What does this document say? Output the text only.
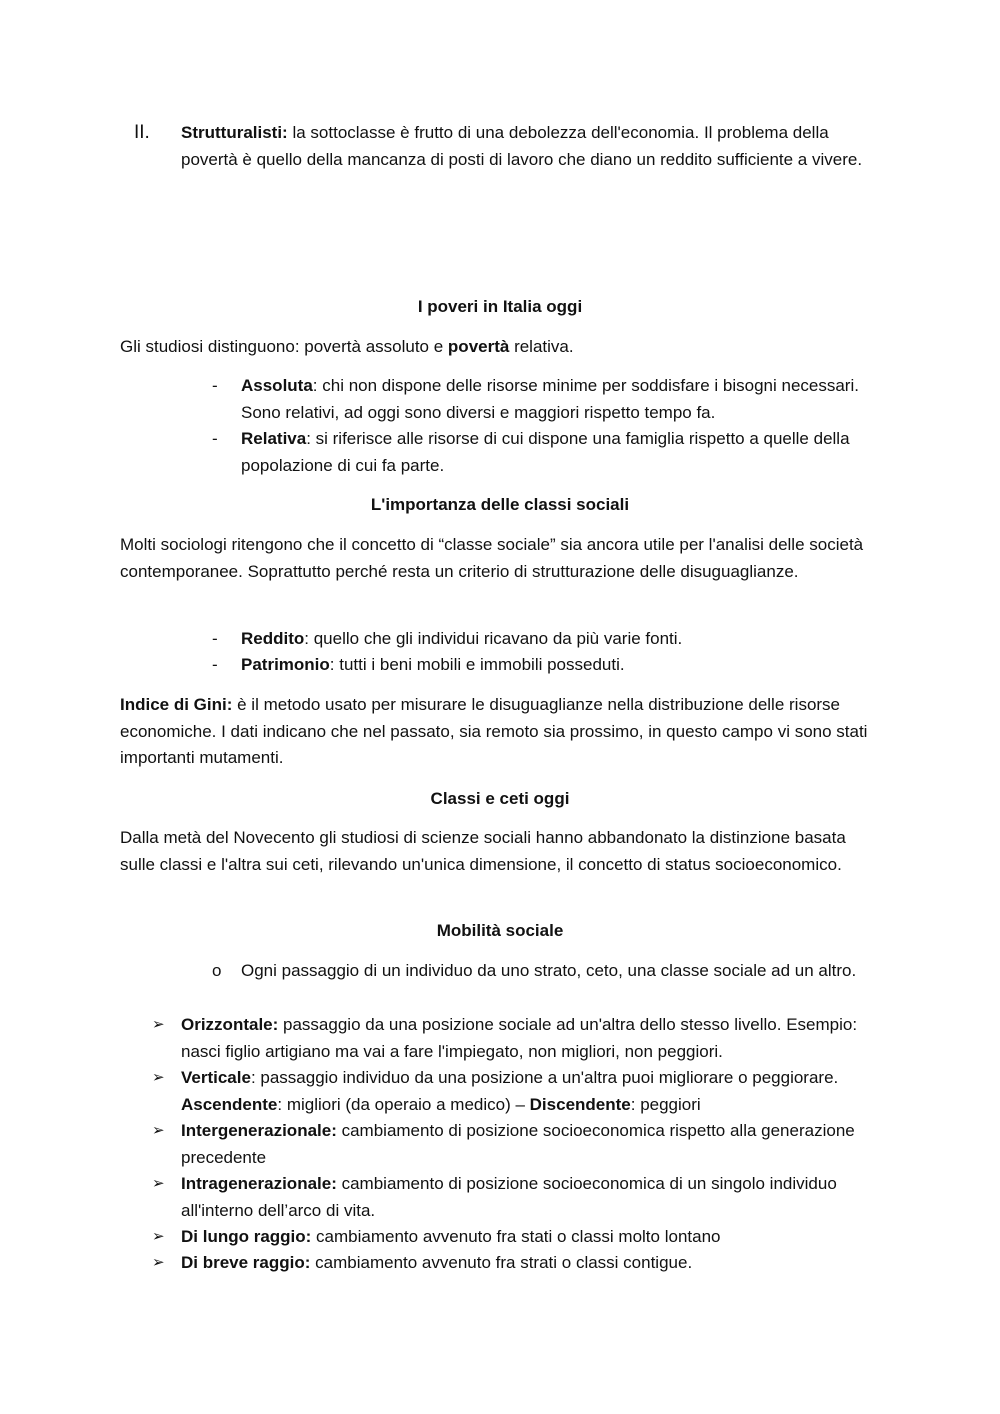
II. Strutturalisti: la sottoclasse è frutto di una debolezza dell'economia. Il problema della povertà è quello della mancanza di posti di lavoro che diano un reddito sufficiente a vivere.
I poveri in Italia oggi
Gli studiosi distinguono: povertà assoluto e povertà relativa.
- Assoluta: chi non dispone delle risorse minime per soddisfare i bisogni necessari. Sono relativi, ad oggi sono diversi e maggiori rispetto tempo fa.
- Relativa: si riferisce alle risorse di cui dispone una famiglia rispetto a quelle della popolazione di cui fa parte.
L'importanza delle classi sociali
Molti sociologi ritengono che il concetto di “classe sociale” sia ancora utile per l'analisi delle società contemporanee. Soprattutto perché resta un criterio di strutturazione delle disuguaglianze.
- Reddito: quello che gli individui ricavano da più varie fonti.
- Patrimonio: tutti i beni mobili e immobili posseduti.
Indice di Gini: è il metodo usato per misurare le disuguaglianze nella distribuzione delle risorse economiche. I dati indicano che nel passato, sia remoto sia prossimo, in questo campo vi sono stati importanti mutamenti.
Classi e ceti oggi
Dalla metà del Novecento gli studiosi di scienze sociali hanno abbandonato la distinzione basata sulle classi e l'altra sui ceti, rilevando un'unica dimensione, il concetto di status socioeconomico.
Mobilità sociale
o Ogni passaggio di un individuo da uno strato, ceto, una classe sociale ad un altro.
➢ Orizzontale: passaggio da una posizione sociale ad un'altra dello stesso livello. Esempio: nasci figlio artigiano ma vai a fare l'impiegato, non migliori, non peggiori.
➢ Verticale: passaggio individuo da una posizione a un'altra puoi migliorare o peggiorare.Ascendente: migliori (da operaio a medico) – Discendente: peggiori
➢ Intergenerazionale: cambiamento di posizione socioeconomica rispetto alla generazione precedente
➢ Intragenerazionale: cambiamento di posizione socioeconomica di un singolo individuo all'interno dell’arco di vita.
➢ Di lungo raggio: cambiamento avvenuto fra stati o classi molto lontano
➢ Di breve raggio: cambiamento avvenuto fra strati o classi contigue.
